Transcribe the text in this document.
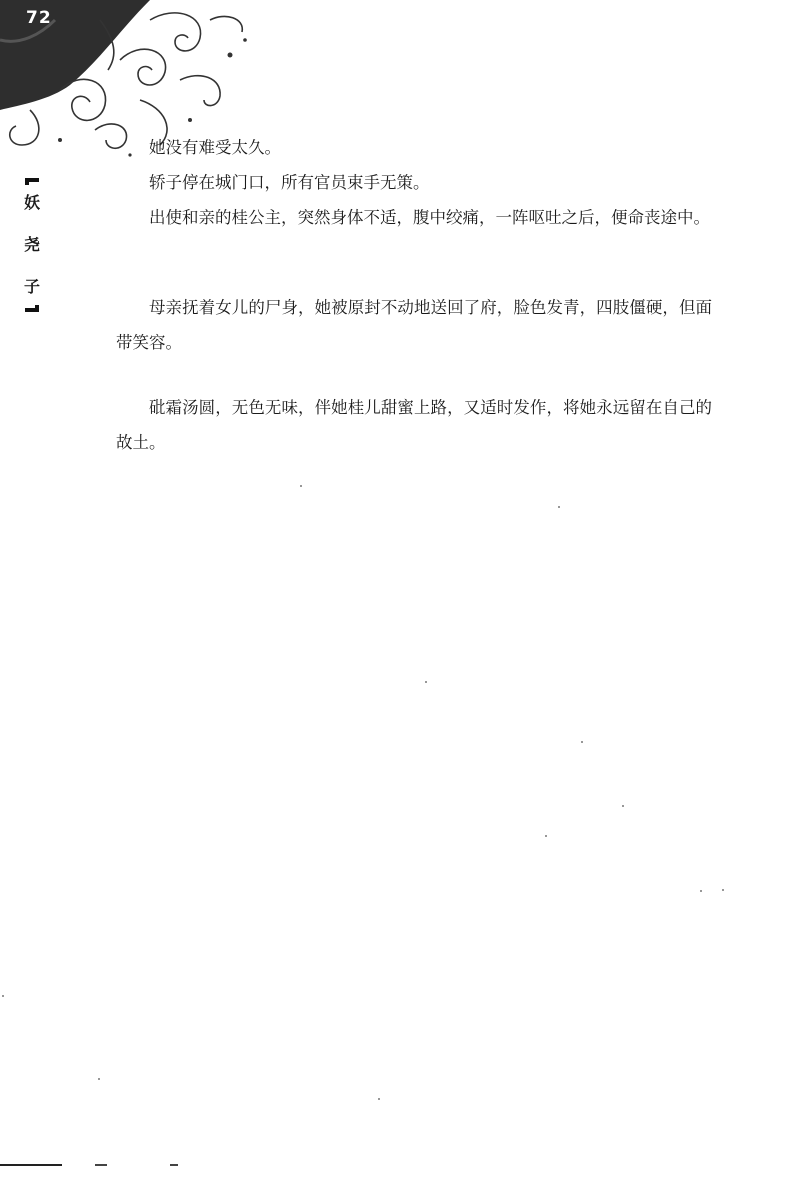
72
妖
尧
子

她没有难受太久。

轿子停在城门口，所有官员束手无策。

出使和亲的桂公主，突然身体不适，腹中绞痛，一阵呕吐之后，便命丧途中。

母亲抚着女儿的尸身，她被原封不动地送回了府，脸色发青，四肢僵硬，但面带笑容。

砒霜汤圆，无色无味，伴她桂儿甜蜜上路，又适时发作，将她永远留在自己的故土。
